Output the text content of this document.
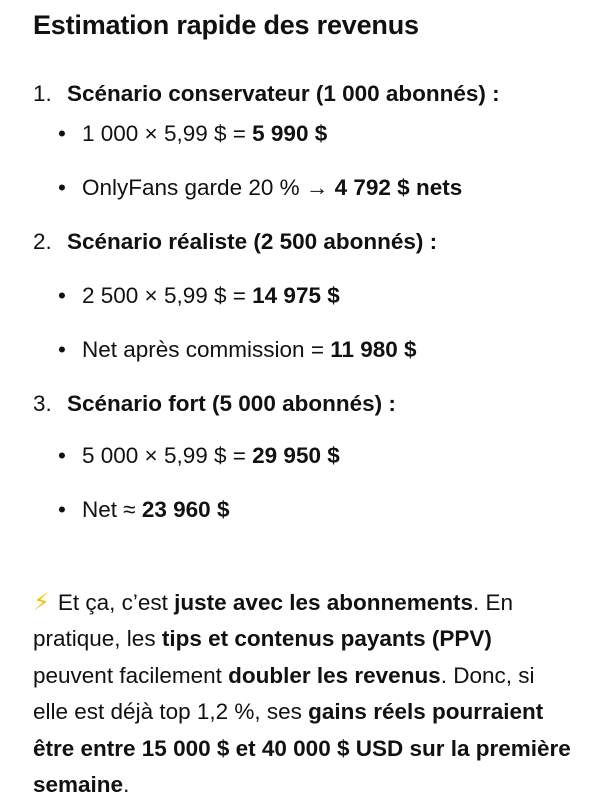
Estimation rapide des revenus
1. Scénario conservateur (1 000 abonnés) :
• 1 000 × 5,99 $ = 5 990 $
• OnlyFans garde 20 % → 4 792 $ nets
2. Scénario réaliste (2 500 abonnés) :
• 2 500 × 5,99 $ = 14 975 $
• Net après commission = 11 980 $
3. Scénario fort (5 000 abonnés) :
• 5 000 × 5,99 $ = 29 950 $
• Net ≈ 23 960 $

⚡ Et ça, c’est juste avec les abonnements. En pratique, les tips et contenus payants (PPV) peuvent facilement doubler les revenus. Donc, si elle est déjà top 1,2 %, ses gains réels pourraient être entre 15 000 $ et 40 000 $ USD sur la première semaine.
